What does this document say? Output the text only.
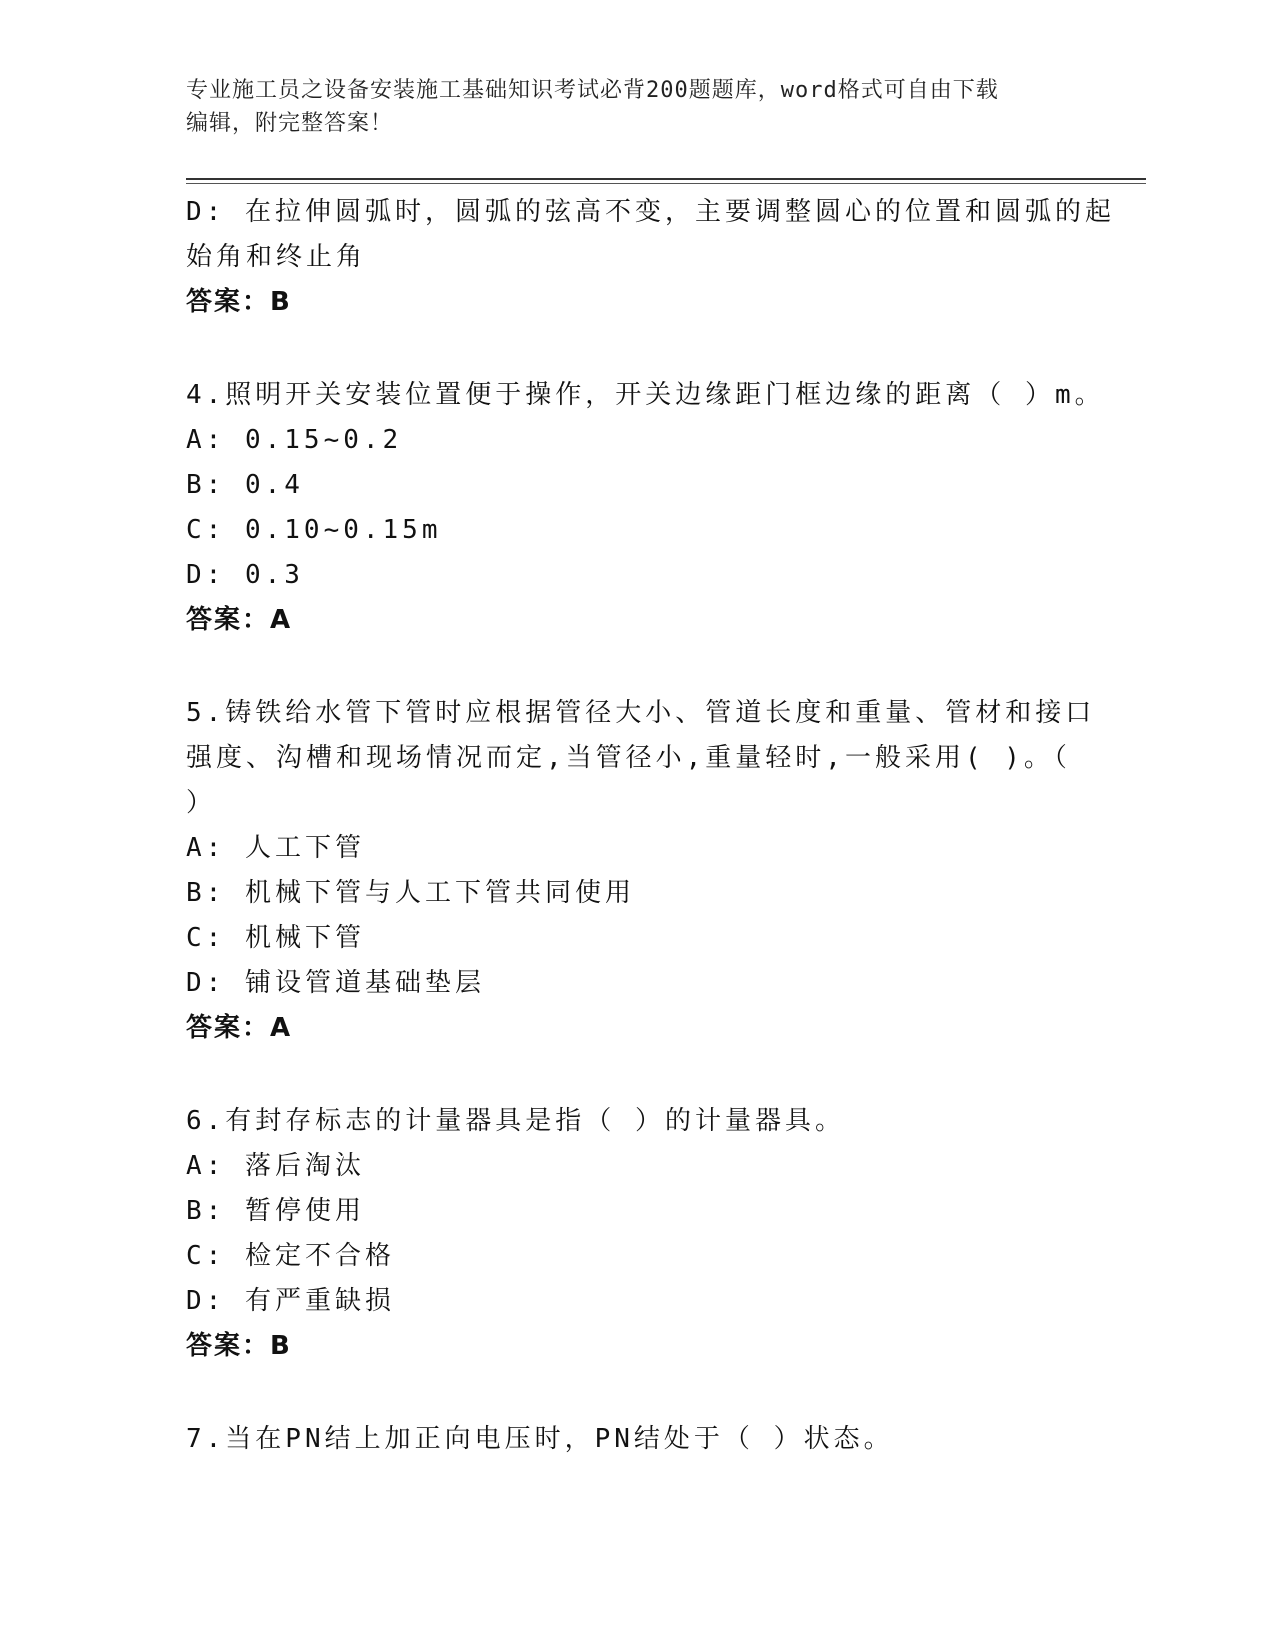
专业施工员之设备安装施工基础知识考试必背200题题库，word格式可自由下载
编辑，附完整答案！
D: 在拉伸圆弧时，圆弧的弦高不变，主要调整圆心的位置和圆弧的起
始角和终止角
答案：B
4.照明开关安装位置便于操作，开关边缘距门框边缘的距离（ ）m。
A: 0.15~0.2
B: 0.4
C: 0.10~0.15m
D: 0.3
答案：A
5.铸铁给水管下管时应根据管径大小、管道长度和重量、管材和接口
强度、沟槽和现场情况而定,当管径小,重量轻时,一般采用( )。（
）
A: 人工下管
B: 机械下管与人工下管共同使用
C: 机械下管
D: 铺设管道基础垫层
答案：A
6.有封存标志的计量器具是指（ ）的计量器具。
A: 落后淘汰
B: 暂停使用
C: 检定不合格
D: 有严重缺损
答案：B
7.当在PN结上加正向电压时，PN结处于（ ）状态。
